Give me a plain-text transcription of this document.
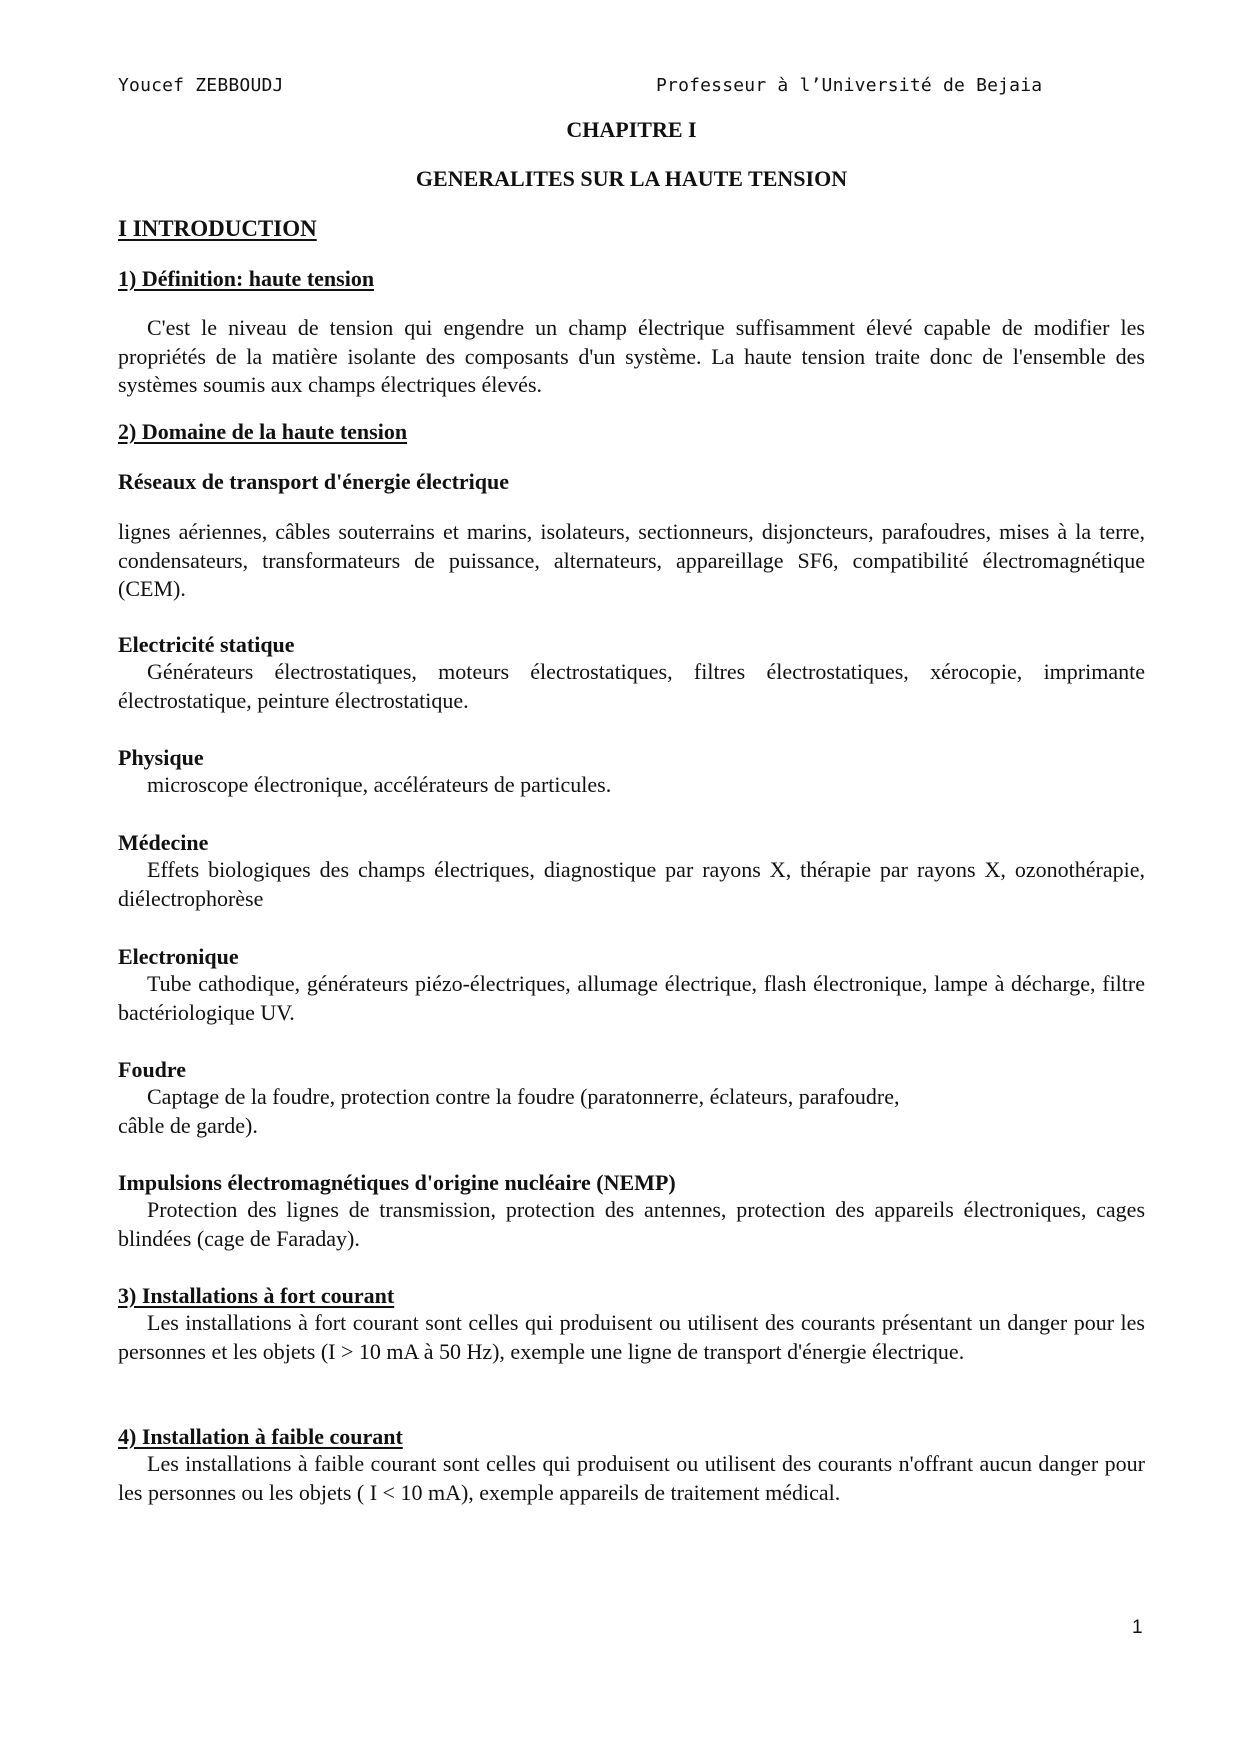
Youcef ZEBBOUDJ	Professeur à l’Université de Bejaia
CHAPITRE I
GENERALITES SUR LA HAUTE TENSION
I INTRODUCTION
1) Définition: haute tension
C'est le niveau de tension qui engendre un champ électrique suffisamment élevé capable de modifier les propriétés de la matière isolante des composants d'un système. La haute tension traite donc de l'ensemble des systèmes soumis aux champs électriques élevés.
2) Domaine de la haute tension
Réseaux de transport d'énergie électrique
lignes aériennes, câbles souterrains et marins, isolateurs, sectionneurs, disjoncteurs, parafoudres, mises à la terre, condensateurs, transformateurs de puissance, alternateurs, appareillage SF6, compatibilité électromagnétique (CEM).
Electricité statique
Générateurs électrostatiques, moteurs électrostatiques, filtres électrostatiques, xérocopie, imprimante électrostatique, peinture électrostatique.
Physique
microscope électronique, accélérateurs de particules.
Médecine
Effets biologiques des champs électriques, diagnostique par rayons X, thérapie par rayons X, ozonothérapie, diélectrophorèse
Electronique
Tube cathodique, générateurs piézo-électriques, allumage électrique, flash électronique, lampe à décharge, filtre bactériologique UV.
Foudre
Captage de la foudre, protection contre la foudre (paratonnerre, éclateurs, parafoudre,
câble de garde).
Impulsions électromagnétiques d'origine nucléaire (NEMP)
Protection des lignes de transmission, protection des antennes, protection des appareils électroniques, cages blindées (cage de Faraday).
3) Installations à fort courant
Les installations à fort courant sont celles qui produisent ou utilisent des courants présentant un danger pour les personnes et les objets (I > 10 mA à 50 Hz), exemple une ligne de transport d'énergie électrique.
4) Installation à faible courant
Les installations à faible courant sont celles qui produisent ou utilisent des courants n'offrant aucun danger pour les personnes ou les objets ( I < 10 mA), exemple appareils de traitement médical.
1
